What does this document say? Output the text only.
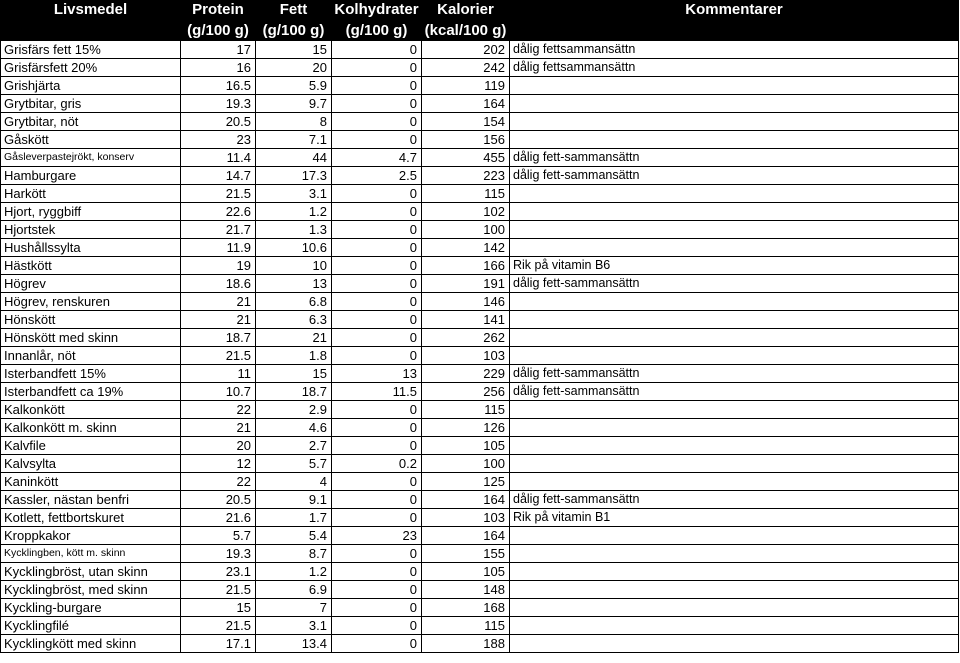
Livsmedel	Protein	Fett	Kolhydrater	Kalorier	Kommentarer
	(g/100 g)	(g/100 g)	(g/100 g)	(kcal/100 g)	
Grisfärs fett 15%	17	15	0	202	dålig fettsammansättn
Grisfärsfett 20%	16	20	0	242	dålig fettsammansättn
Grishjärta	16.5	5.9	0	119	
Grytbitar, gris	19.3	9.7	0	164	
Grytbitar, nöt	20.5	8	0	154	
Gåskött	23	7.1	0	156	
Gåsleverpastejrökt, konserv	11.4	44	4.7	455	dålig fett-sammansättn
Hamburgare	14.7	17.3	2.5	223	dålig fett-sammansättn
Harkött	21.5	3.1	0	115	
Hjort, ryggbiff	22.6	1.2	0	102	
Hjortstek	21.7	1.3	0	100	
Hushållssylta	11.9	10.6	0	142	
Hästkött	19	10	0	166	Rik på vitamin B6
Högrev	18.6	13	0	191	dålig fett-sammansättn
Högrev, renskuren	21	6.8	0	146	
Hönskött	21	6.3	0	141	
Hönskött med skinn	18.7	21	0	262	
Innanlår, nöt	21.5	1.8	0	103	
Isterbandfett 15%	11	15	13	229	dålig fett-sammansättn
Isterbandfett ca 19%	10.7	18.7	11.5	256	dålig fett-sammansättn
Kalkonkött	22	2.9	0	115	
Kalkonkött m. skinn	21	4.6	0	126	
Kalvfile	20	2.7	0	105	
Kalvsylta	12	5.7	0.2	100	
Kaninkött	22	4	0	125	
Kassler, nästan benfri	20.5	9.1	0	164	dålig fett-sammansättn
Kotlett, fettbortskuret	21.6	1.7	0	103	Rik på vitamin B1
Kroppkakor	5.7	5.4	23	164	
Kycklingben, kött m. skinn	19.3	8.7	0	155	
Kycklingbröst, utan skinn	23.1	1.2	0	105	
Kycklingbröst, med skinn	21.5	6.9	0	148	
Kyckling-burgare	15	7	0	168	
Kycklingfilé	21.5	3.1	0	115	
Kycklingkött med skinn	17.1	13.4	0	188	
